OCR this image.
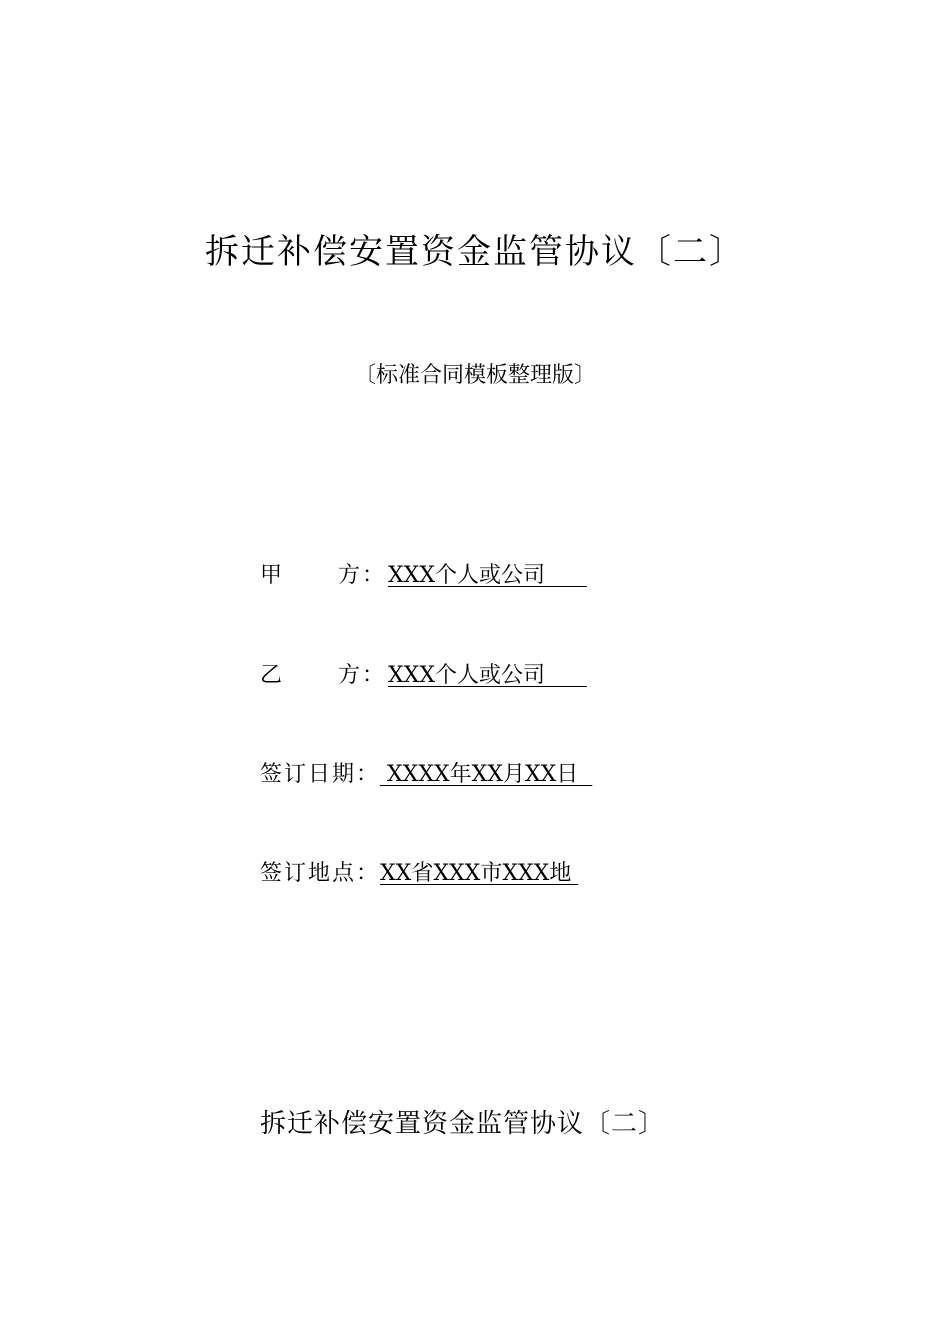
拆迁补偿安置资金监管协议〔二〕
〔标准合同模板整理版〕
甲 方：XXX个人或公司
乙 方：XXX个人或公司
签订日期： XXXX年XX月XX日
签订地点：XX省XXX市XXX地
拆迁补偿安置资金监管协议〔二〕
